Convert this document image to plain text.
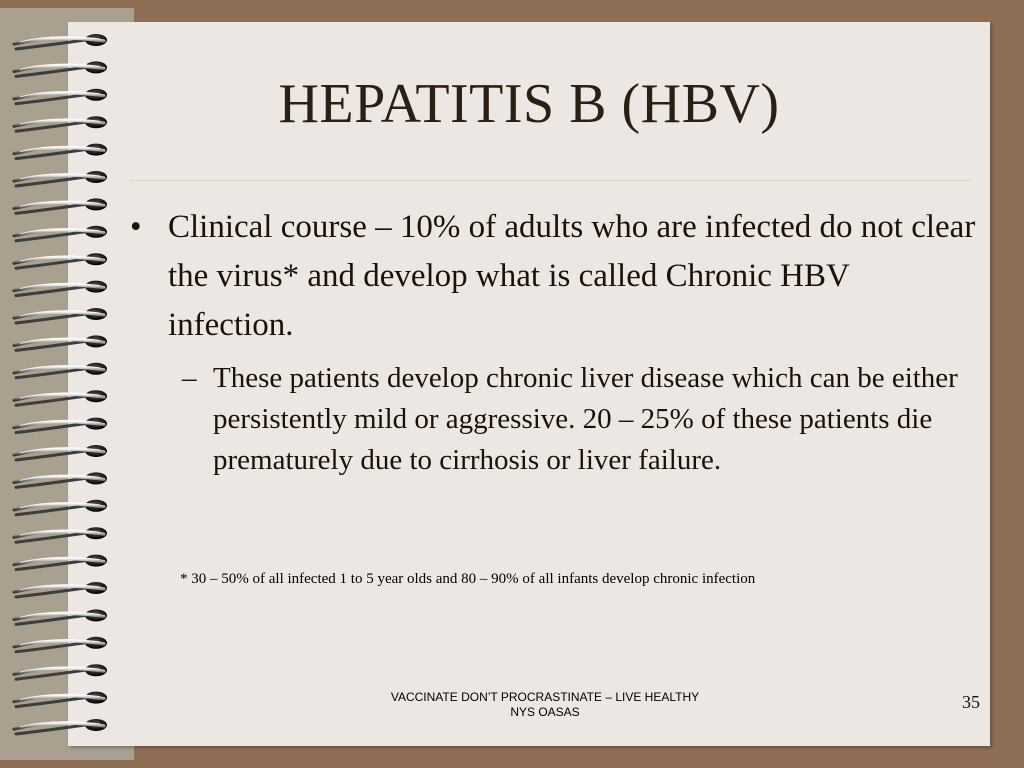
HEPATITIS B (HBV)
• Clinical course – 10% of adults who are infected do not clear the virus* and develop what is called Chronic HBV infection.
– These patients develop chronic liver disease which can be either persistently mild or aggressive. 20 – 25% of these patients die prematurely due to cirrhosis or liver failure.
* 30 – 50% of all infected 1 to 5 year olds and 80 – 90% of all infants develop chronic infection
VACCINATE DON’T PROCRASTINATE – LIVE HEALTHY
NYS OASAS	35
